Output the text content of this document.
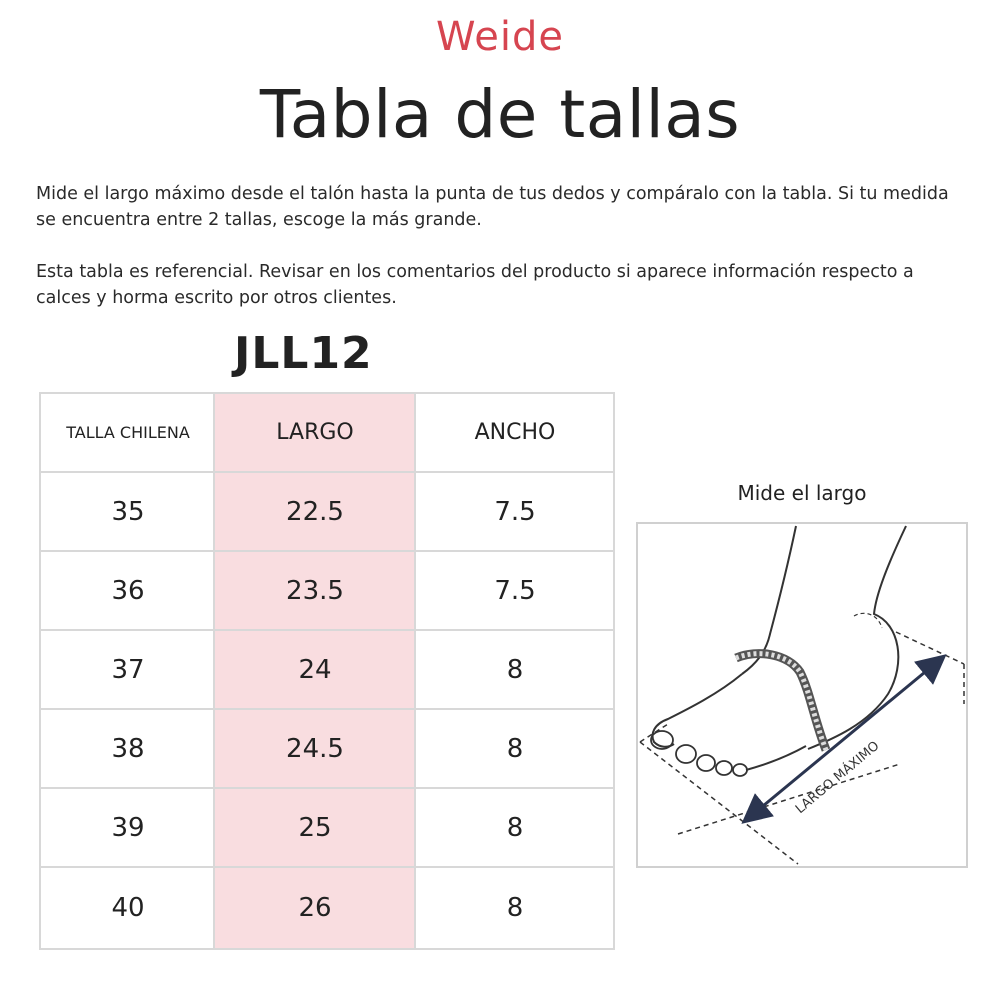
Weide
Tabla de tallas
Mide el largo máximo desde el talón hasta la punta de tus dedos y compáralo con la tabla. Si tu medida se encuentra entre 2 tallas, escoge la más grande.
Esta tabla es referencial. Revisar en los comentarios del producto si aparece información respecto a calces y horma escrito por otros clientes.
JLL12
TALLA CHILENA	LARGO	ANCHO
35	22.5	7.5
36	23.5	7.5
37	24	8
38	24.5	8
39	25	8
40	26	8
Mide el largo
LARGO MÁXIMO
